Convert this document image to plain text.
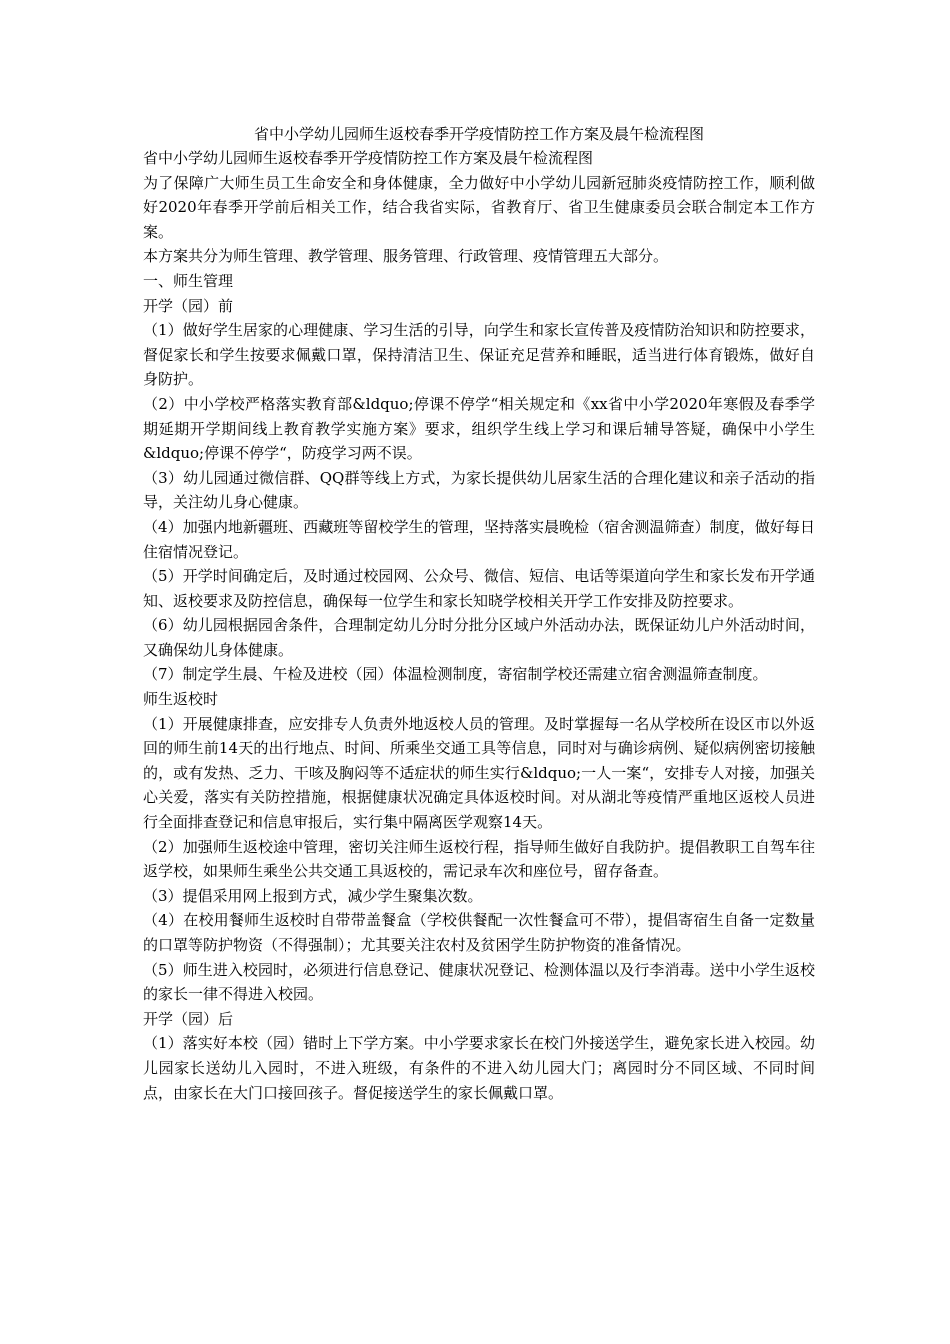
省中小学幼儿园师生返校春季开学疫情防控工作方案及晨午检流程图

省中小学幼儿园师生返校春季开学疫情防控工作方案及晨午检流程图

为了保障广大师生员工生命安全和身体健康，全力做好中小学幼儿园新冠肺炎疫情防控工作，顺利做好2020年春季开学前后相关工作，结合我省实际，省教育厅、省卫生健康委员会联合制定本工作方案。

本方案共分为师生管理、教学管理、服务管理、行政管理、疫情管理五大部分。

一、师生管理

开学（园）前

（1）做好学生居家的心理健康、学习生活的引导，向学生和家长宣传普及疫情防治知识和防控要求，督促家长和学生按要求佩戴口罩，保持清洁卫生、保证充足营养和睡眠，适当进行体育锻炼，做好自身防护。

（2）中小学校严格落实教育部&ldquo;停课不停学“相关规定和《xx省中小学2020年寒假及春季学期延期开学期间线上教育教学实施方案》要求，组织学生线上学习和课后辅导答疑，确保中小学生&ldquo;停课不停学“，防疫学习两不误。

（3）幼儿园通过微信群、QQ群等线上方式，为家长提供幼儿居家生活的合理化建议和亲子活动的指导，关注幼儿身心健康。

（4）加强内地新疆班、西藏班等留校学生的管理，坚持落实晨晚检（宿舍测温筛查）制度，做好每日住宿情况登记。

（5）开学时间确定后，及时通过校园网、公众号、微信、短信、电话等渠道向学生和家长发布开学通知、返校要求及防控信息，确保每一位学生和家长知晓学校相关开学工作安排及防控要求。

（6）幼儿园根据园舍条件，合理制定幼儿分时分批分区域户外活动办法，既保证幼儿户外活动时间，又确保幼儿身体健康。

（7）制定学生晨、午检及进校（园）体温检测制度，寄宿制学校还需建立宿舍测温筛查制度。

师生返校时

（1）开展健康排查，应安排专人负责外地返校人员的管理。及时掌握每一名从学校所在设区市以外返回的师生前14天的出行地点、时间、所乘坐交通工具等信息，同时对与确诊病例、疑似病例密切接触的，或有发热、乏力、干咳及胸闷等不适症状的师生实行&ldquo;一人一案“，安排专人对接，加强关心关爱，落实有关防控措施，根据健康状况确定具体返校时间。对从湖北等疫情严重地区返校人员进行全面排查登记和信息审报后，实行集中隔离医学观察14天。

（2）加强师生返校途中管理，密切关注师生返校行程，指导师生做好自我防护。提倡教职工自驾车往返学校，如果师生乘坐公共交通工具返校的，需记录车次和座位号，留存备查。

（3）提倡采用网上报到方式，减少学生聚集次数。

（4）在校用餐师生返校时自带带盖餐盒（学校供餐配一次性餐盒可不带），提倡寄宿生自备一定数量的口罩等防护物资（不得强制）；尤其要关注农村及贫困学生防护物资的准备情况。

（5）师生进入校园时，必须进行信息登记、健康状况登记、检测体温以及行李消毒。送中小学生返校的家长一律不得进入校园。

开学（园）后

（1）落实好本校（园）错时上下学方案。中小学要求家长在校门外接送学生，避免家长进入校园。幼儿园家长送幼儿入园时，不进入班级，有条件的不进入幼儿园大门；离园时分不同区域、不同时间点，由家长在大门口接回孩子。督促接送学生的家长佩戴口罩。
